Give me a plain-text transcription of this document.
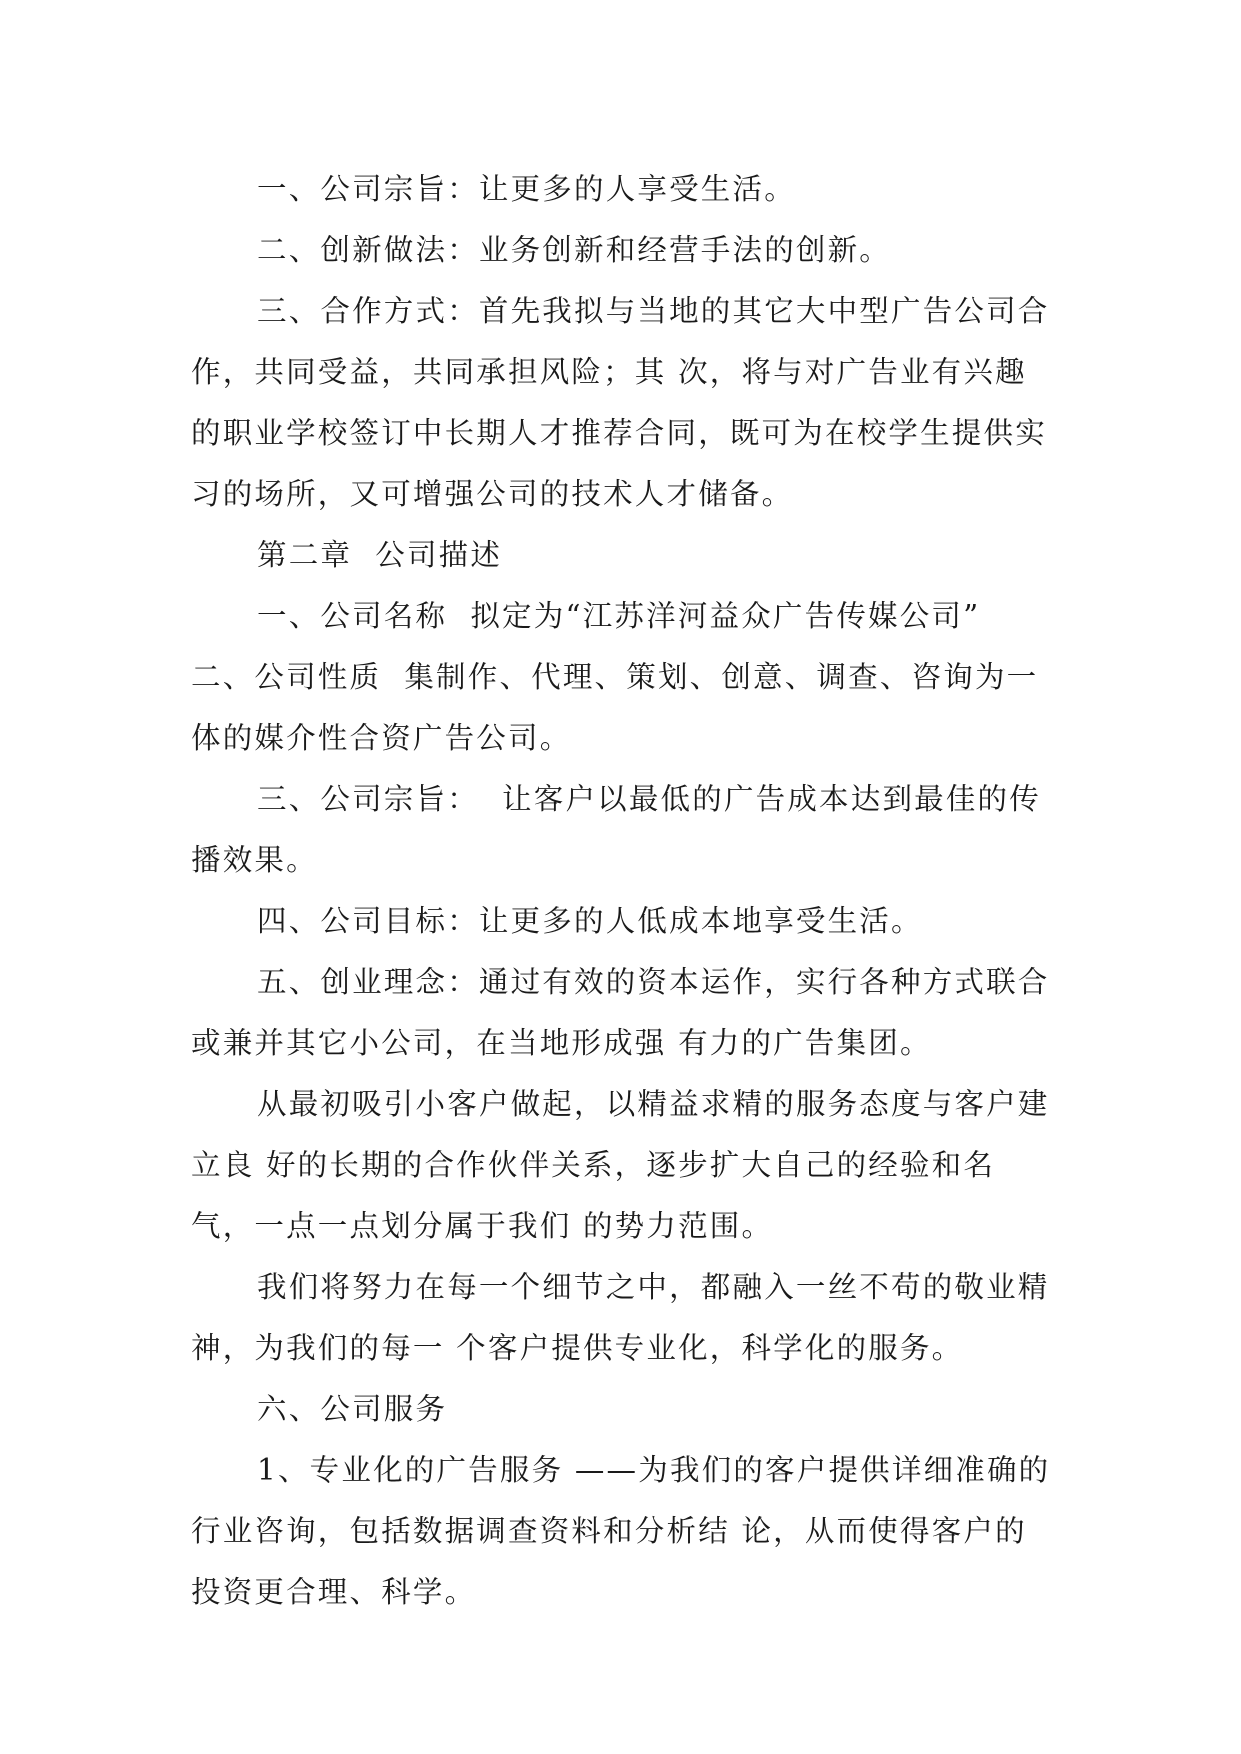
一、公司宗旨：让更多的人享受生活。

二、创新做法：业务创新和经营手法的创新。

三、合作方式：首先我拟与当地的其它大中型广告公司合作，共同受益，共同承担风险；其 次，将与对广告业有兴趣的职业学校签订中长期人才推荐合同，既可为在校学生提供实习的场所，又可增强公司的技术人才储备。

第二章  公司描述

一、公司名称  拟定为“江苏洋河益众广告传媒公司”

二、公司性质  集制作、代理、策划、创意、调查、咨询为一体的媒介性合资广告公司。

三、公司宗旨：  让客户以最低的广告成本达到最佳的传播效果。

四、公司目标：让更多的人低成本地享受生活。

五、创业理念：通过有效的资本运作，实行各种方式联合或兼并其它小公司，在当地形成强 有力的广告集团。

从最初吸引小客户做起，以精益求精的服务态度与客户建立良 好的长期的合作伙伴关系，逐步扩大自己的经验和名气，一点一点划分属于我们 的势力范围。

我们将努力在每一个细节之中，都融入一丝不苟的敬业精神，为我们的每一 个客户提供专业化，科学化的服务。

六、公司服务

1、专业化的广告服务 ——为我们的客户提供详细准确的行业咨询，包括数据调查资料和分析结 论，从而使得客户的投资更合理、科学。
